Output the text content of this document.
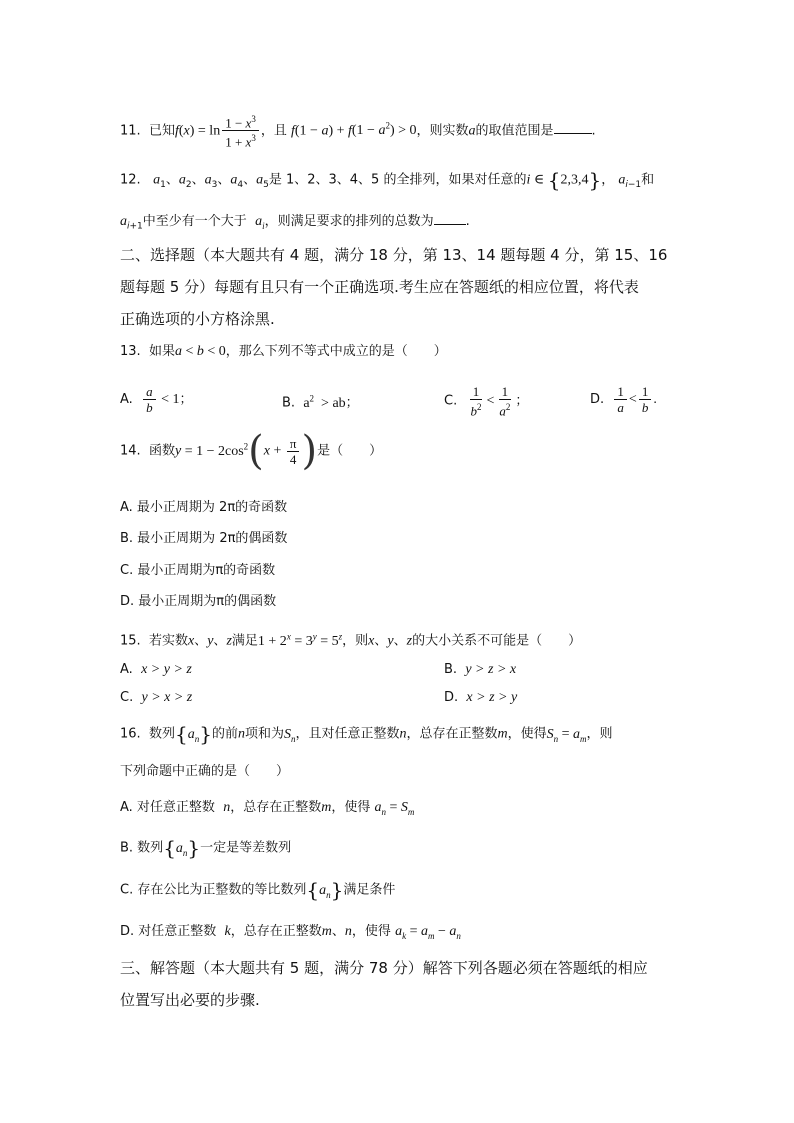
11. 已知$f(x) = \ln \frac{1 - x^3}{1 + x^3}$ ，且 $f(1 - a) + f(1 - a^2) > 0$，则实数a的取值范围是	.
12. $a_1$、$a_2$、$a_3$、$a_4$、$a_5$是 1、2、3、4、5 的全排列，如果对任意的i ∈ {2,3,4}， $a_{i-1}$和
$a_{i+1}$中至少有一个大于 $a_i$，则满足要求的排列的总数为 .
二、选择题（本大题共有 4 题，满分 18 分，第 13、14 题每题 4 分，第 15、16
题每题 5 分）每题有且只有一个正确选项.考生应在答题纸的相应位置，将代表
正确选项的小方格涂黑.
13. 如果a < b < 0，那么下列不等式中成立的是（　　）
A. $\frac{a}{b} < 1$；	B. $a^2$  > ab；	C. $\frac{1}{b^2} < \frac{1}{a^2}$ ；	D. $\frac{1}{a} < \frac{1}{b}$ .
14. 函数$y = 1 - 2\cos^2(x + \frac{\pi}{4}$ )是（　　）
A. 最小正周期为 2π的奇函数
B. 最小正周期为 2π的偶函数
C. 最小正周期为π的奇函数
D. 最小正周期为π的偶函数
15. 若实数x、y、z满足$1 + 2^x = 3^y = 5^z$，则x、y、z的大小关系不可能是（　　）
A. x > y > z	B. y > z > x
C. y > x > z	D. x > z > y
16. 数列$\{a_n\}$的前n项和为$S_n$，且对任意正整数n，总存在正整数m，使得$S_n = a_m$，则
下列命题中正确的是（　　）
A. 对任意正整数 n，总存在正整数m，使得 $a_n = S_m$
B. 数列$\{a_n\}$一定是等差数列
C. 存在公比为正整数的等比数列$\{a_n\}$满足条件
D. 对任意正整数 k，总存在正整数m、n，使得 $a_k = a_m - a_n$
三、解答题（本大题共有 5 题，满分 78 分）解答下列各题必须在答题纸的相应
位置写出必要的步骤.
